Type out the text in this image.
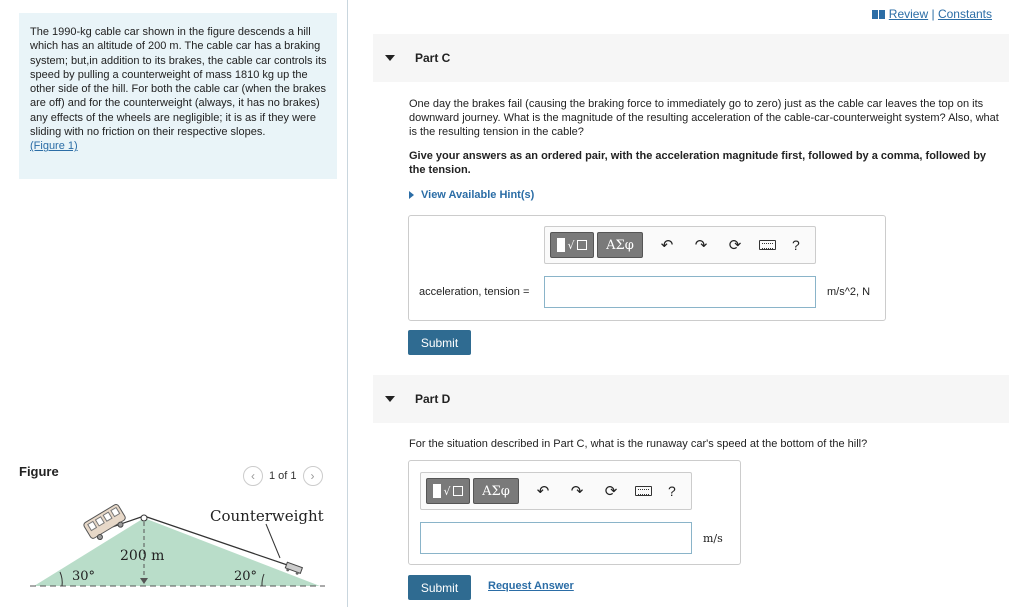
The 1990-kg cable car shown in the figure descends a hill which has an altitude of 200 m. The cable car has a braking system; but,in addition to its brakes, the cable car controls its speed by pulling a counterweight of mass 1810 kg up the other side of the hill. For both the cable car (when the brakes are off) and for the counterweight (always, it has no brakes) any effects of the wheels are negligible; it is as if they were sliding with no friction on their respective slopes.
(Figure 1)
Figure	‹	1 of 1	›
Counterweight
200 m
30°	20°
Review | Constants
Part C
One day the brakes fail (causing the braking force to immediately go to zero) just as the cable car leaves the top on its downward journey. What is the magnitude of the resulting acceleration of the cable-car-counterweight system? Also, what is the resulting tension in the cable?
Give your answers as an ordered pair, with the acceleration magnitude first, followed by a comma, followed by the tension.
View Available Hint(s)
√	ΑΣφ	↶ ↷ ⟳	?
acceleration, tension =	m/s^2, N
Submit
Part D
For the situation described in Part C, what is the runaway car's speed at the bottom of the hill?
√	ΑΣφ	↶ ↷ ⟳	?
m/s
Submit	Request Answer
